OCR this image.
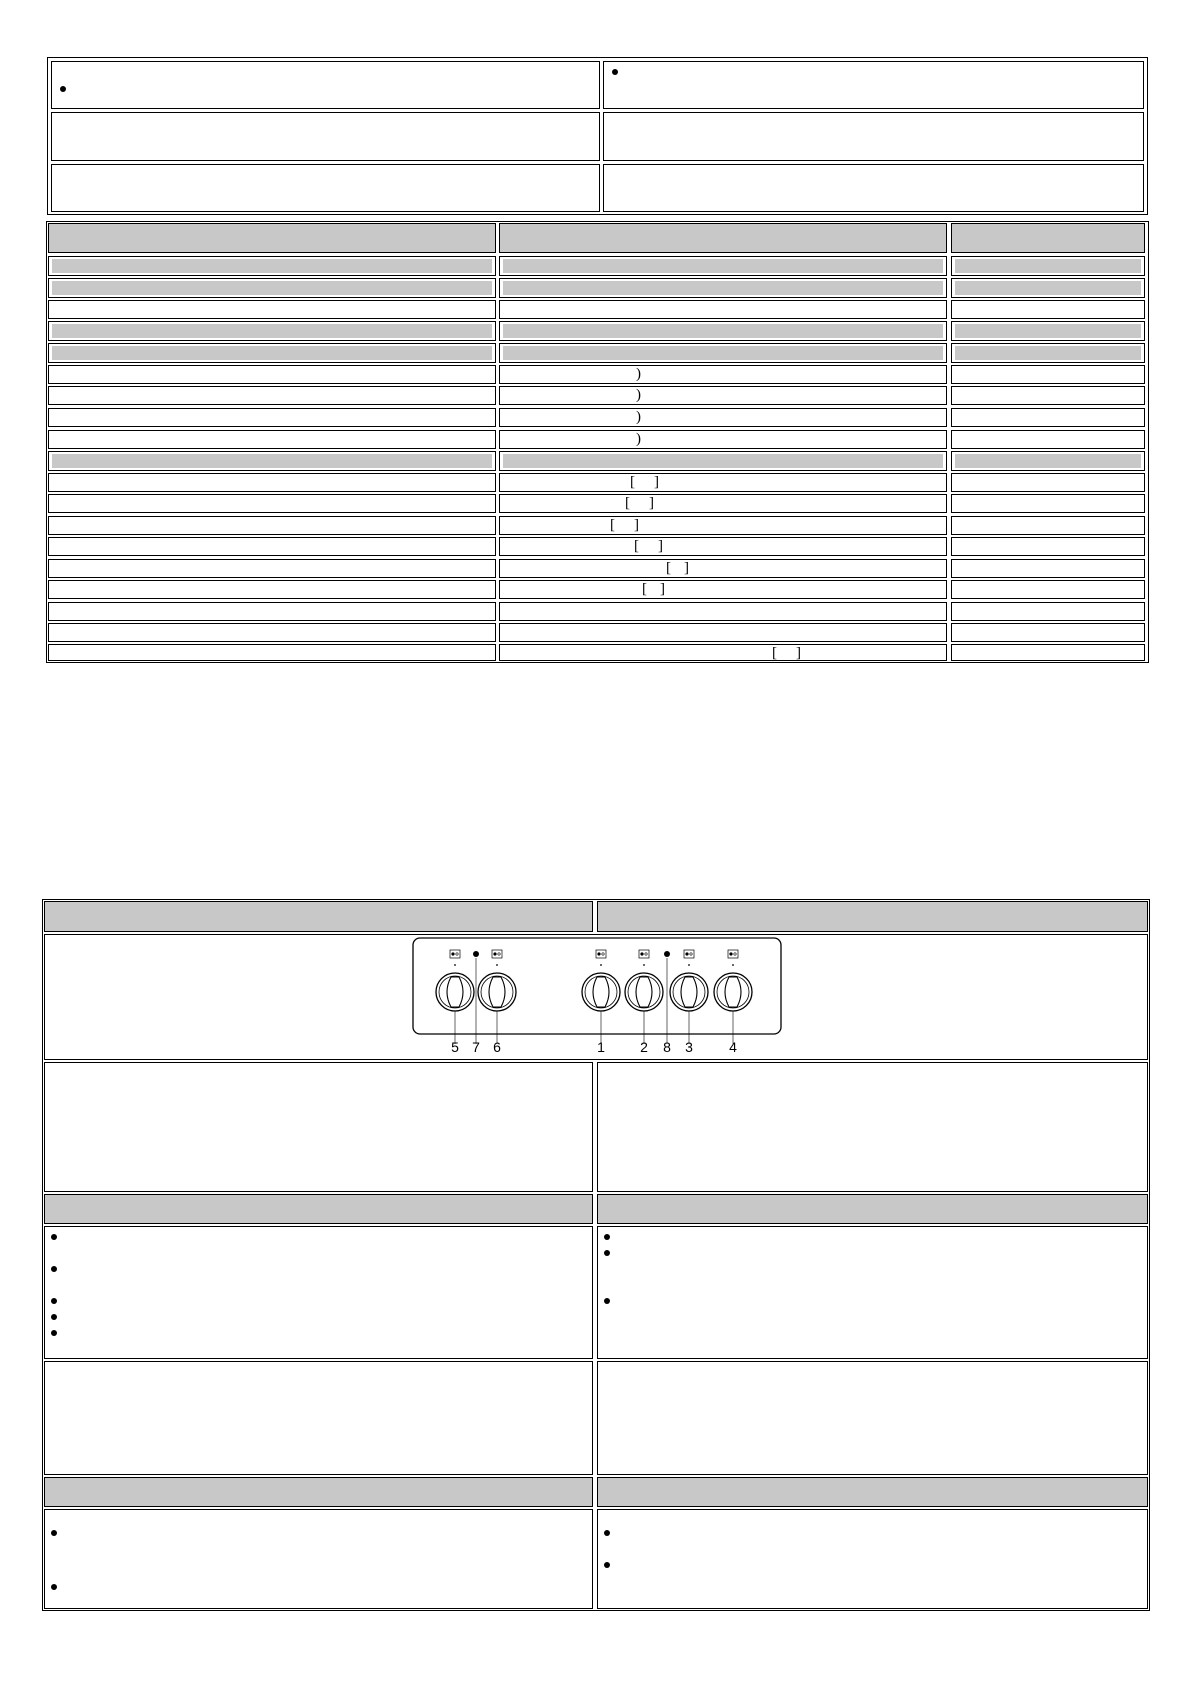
5 7 6	1	2 8 3	4
)
)
)
)
[ ]
[ ]
[ ]
[ ]
[ ]
[ ]
[ ]
